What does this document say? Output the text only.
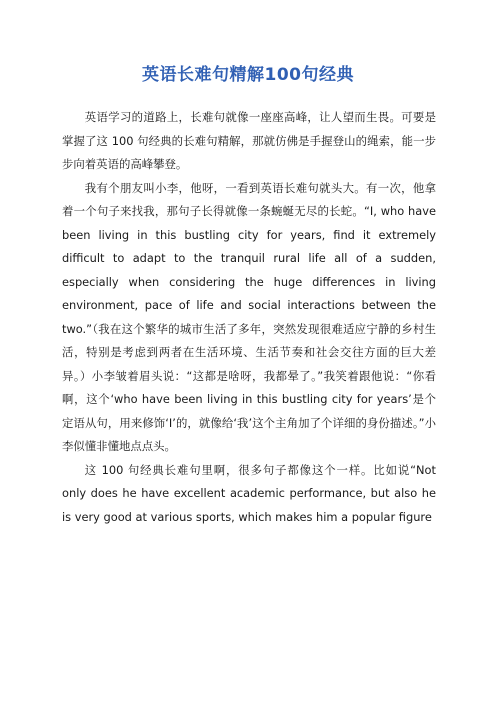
英语长难句精解100句经典

英语学习的道路上，长难句就像一座座高峰，让人望而生畏。可要是掌握了这 100 句经典的长难句精解，那就仿佛是手握登山的绳索，能一步步向着英语的高峰攀登。

我有个朋友叫小李，他呀，一看到英语长难句就头大。有一次，他拿着一个句子来找我，那句子长得就像一条蜿蜒无尽的长蛇。“I, who have been living in this bustling city for years, find it extremely difficult to adapt to the tranquil rural life all of a sudden, especially when considering the huge differences in living environment, pace of life and social interactions between the two.”（我在这个繁华的城市生活了多年，突然发现很难适应宁静的乡村生活，特别是考虑到两者在生活环境、生活节奏和社会交往方面的巨大差异。）小李皱着眉头说：“这都是啥呀，我都晕了。”我笑着跟他说：“你看啊，这个‘who have been living in this bustling city for years’是个定语从句，用来修饰‘I’的，就像给‘我’这个主角加了个详细的身份描述。”小李似懂非懂地点点头。

这 100 句经典长难句里啊，很多句子都像这个一样。比如说“Not only does he have excellent academic performance, but also he is very good at various sports, which makes him a popular figure
